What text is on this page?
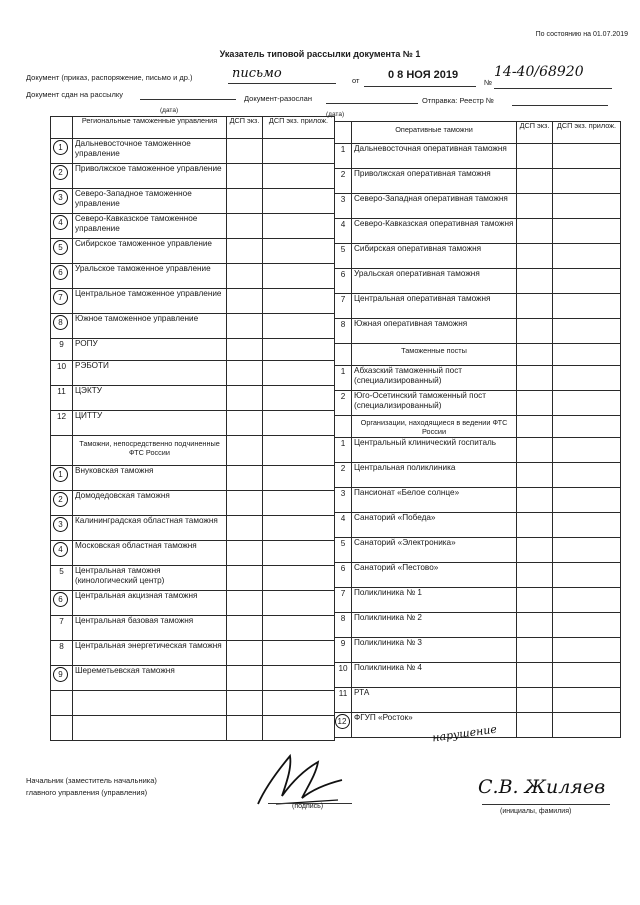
По состоянию на 01.07.2019
Указатель типовой рассылки документа № 1
Документ (приказ, распоряжение, письмо и др.)	письмо	от	0 8 НОЯ 2019
№
14-40/68920
Документ сдан на рассылку	Документ-разослан	Отправка: Реестр №
(дата)
(дата)
	Региональные таможенные управления	ДСП экз.	ДСП экз. прилож.
1	Дальневосточное таможенное управление		
2	Приволжское таможенное управление		
3	Северо-Западное таможенное управление		
4	Северо-Кавказское таможенное управление		
5	Сибирское таможенное управление		
6	Уральское таможенное управление		
7	Центральное таможенное управление		
8	Южное таможенное управление		
9	РОПУ		
10	РЭБОТИ		
11	ЦЭКТУ		
12	ЦИТТУ		

	Таможни, непосредственно подчиненные ФТС России		

1	Внуковская таможня		
2	Домодедовская таможня		
3	Калининградская областная таможня		
4	Московская областная таможня		
5	Центральная таможня (кинологический центр)		
6	Центральная акцизная таможня		
7	Центральная базовая таможня		
8	Центральная энергетическая таможня		
9	Шереметьевская таможня		

	Оперативные таможни	ДСП экз.	ДСП экз. прилож.
1	Дальневосточная оперативная таможня		
2	Приволжская оперативная таможня		
3	Северо-Западная оперативная таможня		
4	Северо-Кавказская оперативная таможня		
5	Сибирская оперативная таможня		
6	Уральская оперативная таможня		
7	Центральная оперативная таможня		
8	Южная оперативная таможня		

	Таможенные посты		

1	Абхазский таможенный пост (специализированный)		
2	Юго-Осетинский таможенный пост (специализированный)		

	Организации, находящиеся в ведении ФТС России		

1	Центральный клинический госпиталь		
2	Центральная поликлиника		
3	Пансионат «Белое солнце»		
4	Санаторий «Победа»		
5	Санаторий «Электроника»		
6	Санаторий «Пестово»		
7	Поликлиника № 1		
8	Поликлиника № 2		
9	Поликлиника № 3		
10	Поликлиника № 4		
11	РТА		
12	ФГУП «Росток»		
нарушение
Начальник (заместитель начальника)
главного управления (управления)
(подпись)
С.В. Жиляев
(инициалы, фамилия)
